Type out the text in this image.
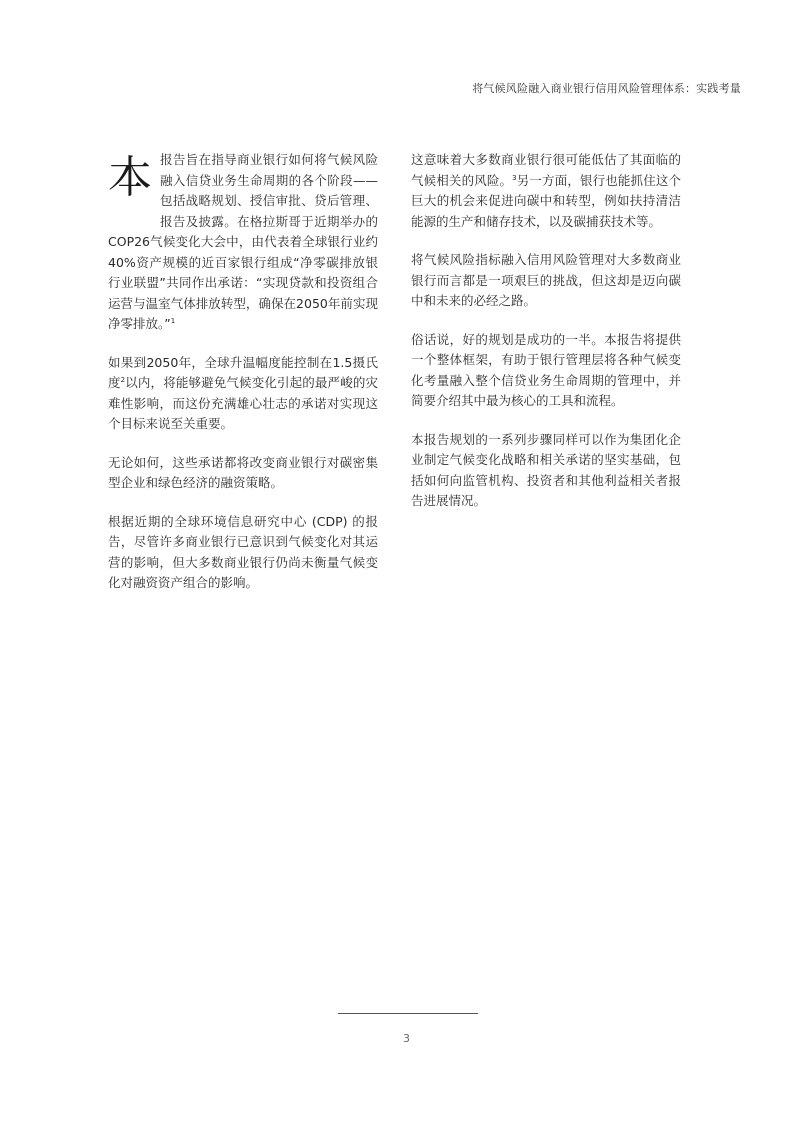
将气候风险融入商业银行信用风险管理体系：实践考量

本报告旨在指导商业银行如何将气候风险融入信贷业务生命周期的各个阶段——包括战略规划、授信审批、贷后管理、报告及披露。在格拉斯哥于近期举办的COP26气候变化大会中，由代表着全球银行业约40%资产规模的近百家银行组成“净零碳排放银行业联盟”共同作出承诺：“实现贷款和投资组合运营与温室气体排放转型，确保在2050年前实现净零排放。”$^1$

如果到2050年，全球升温幅度能控制在1.5摄氏度$^2$以内，将能够避免气候变化引起的最严峻的灾难性影响，而这份充满雄心壮志的承诺对实现这个目标来说至关重要。

无论如何，这些承诺都将改变商业银行对碳密集型企业和绿色经济的融资策略。

根据近期的全球环境信息研究中心 (CDP) 的报告，尽管许多商业银行已意识到气候变化对其运营的影响，但大多数商业银行仍尚未衡量气候变化对融资资产组合的影响。

这意味着大多数商业银行很可能低估了其面临的气候相关的风险。$^3$另一方面，银行也能抓住这个巨大的机会来促进向碳中和转型，例如扶持清洁能源的生产和储存技术，以及碳捕获技术等。

将气候风险指标融入信用风险管理对大多数商业银行而言都是一项艰巨的挑战，但这却是迈向碳中和未来的必经之路。

俗话说，好的规划是成功的一半。本报告将提供一个整体框架，有助于银行管理层将各种气候变化考量融入整个信贷业务生命周期的管理中，并简要介绍其中最为核心的工具和流程。

本报告规划的一系列步骤同样可以作为集团化企业制定气候变化战略和相关承诺的坚实基础，包括如何向监管机构、投资者和其他利益相关者报告进展情况。

3
